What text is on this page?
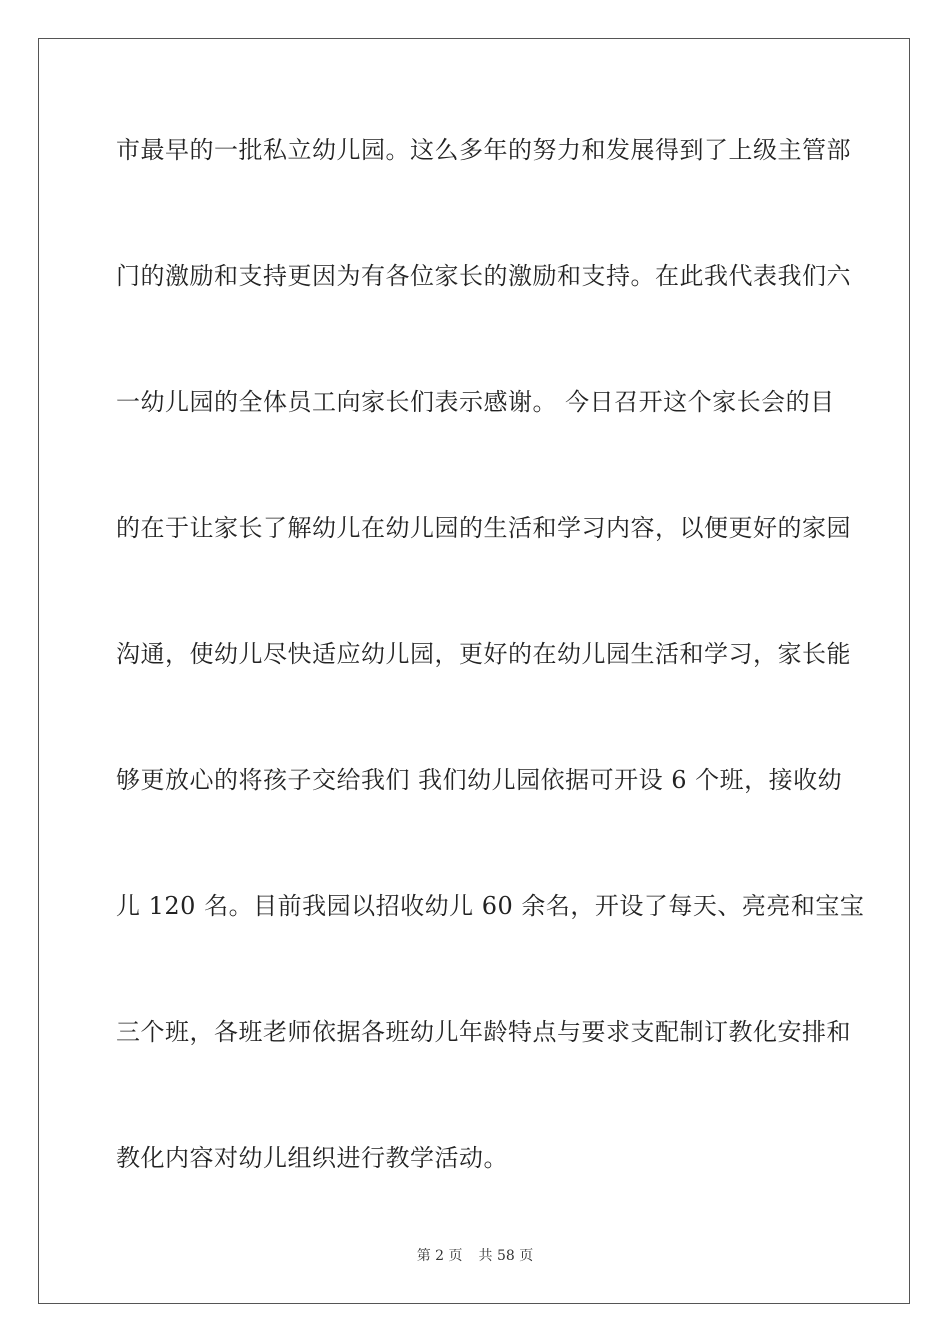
市最早的一批私立幼儿园。这么多年的努力和发展得到了上级主管部
门的激励和支持更因为有各位家长的激励和支持。在此我代表我们六
一幼儿园的全体员工向家长们表示感谢。 今日召开这个家长会的目
的在于让家长了解幼儿在幼儿园的生活和学习内容，以便更好的家园
沟通，使幼儿尽快适应幼儿园，更好的在幼儿园生活和学习，家长能
够更放心的将孩子交给我们 我们幼儿园依据可开设 6 个班，接收幼
儿 120 名。目前我园以招收幼儿 60 余名，开设了每天、亮亮和宝宝
三个班，各班老师依据各班幼儿年龄特点与要求支配制订教化安排和
教化内容对幼儿组织进行教学活动。
第 2 页 共 58 页
